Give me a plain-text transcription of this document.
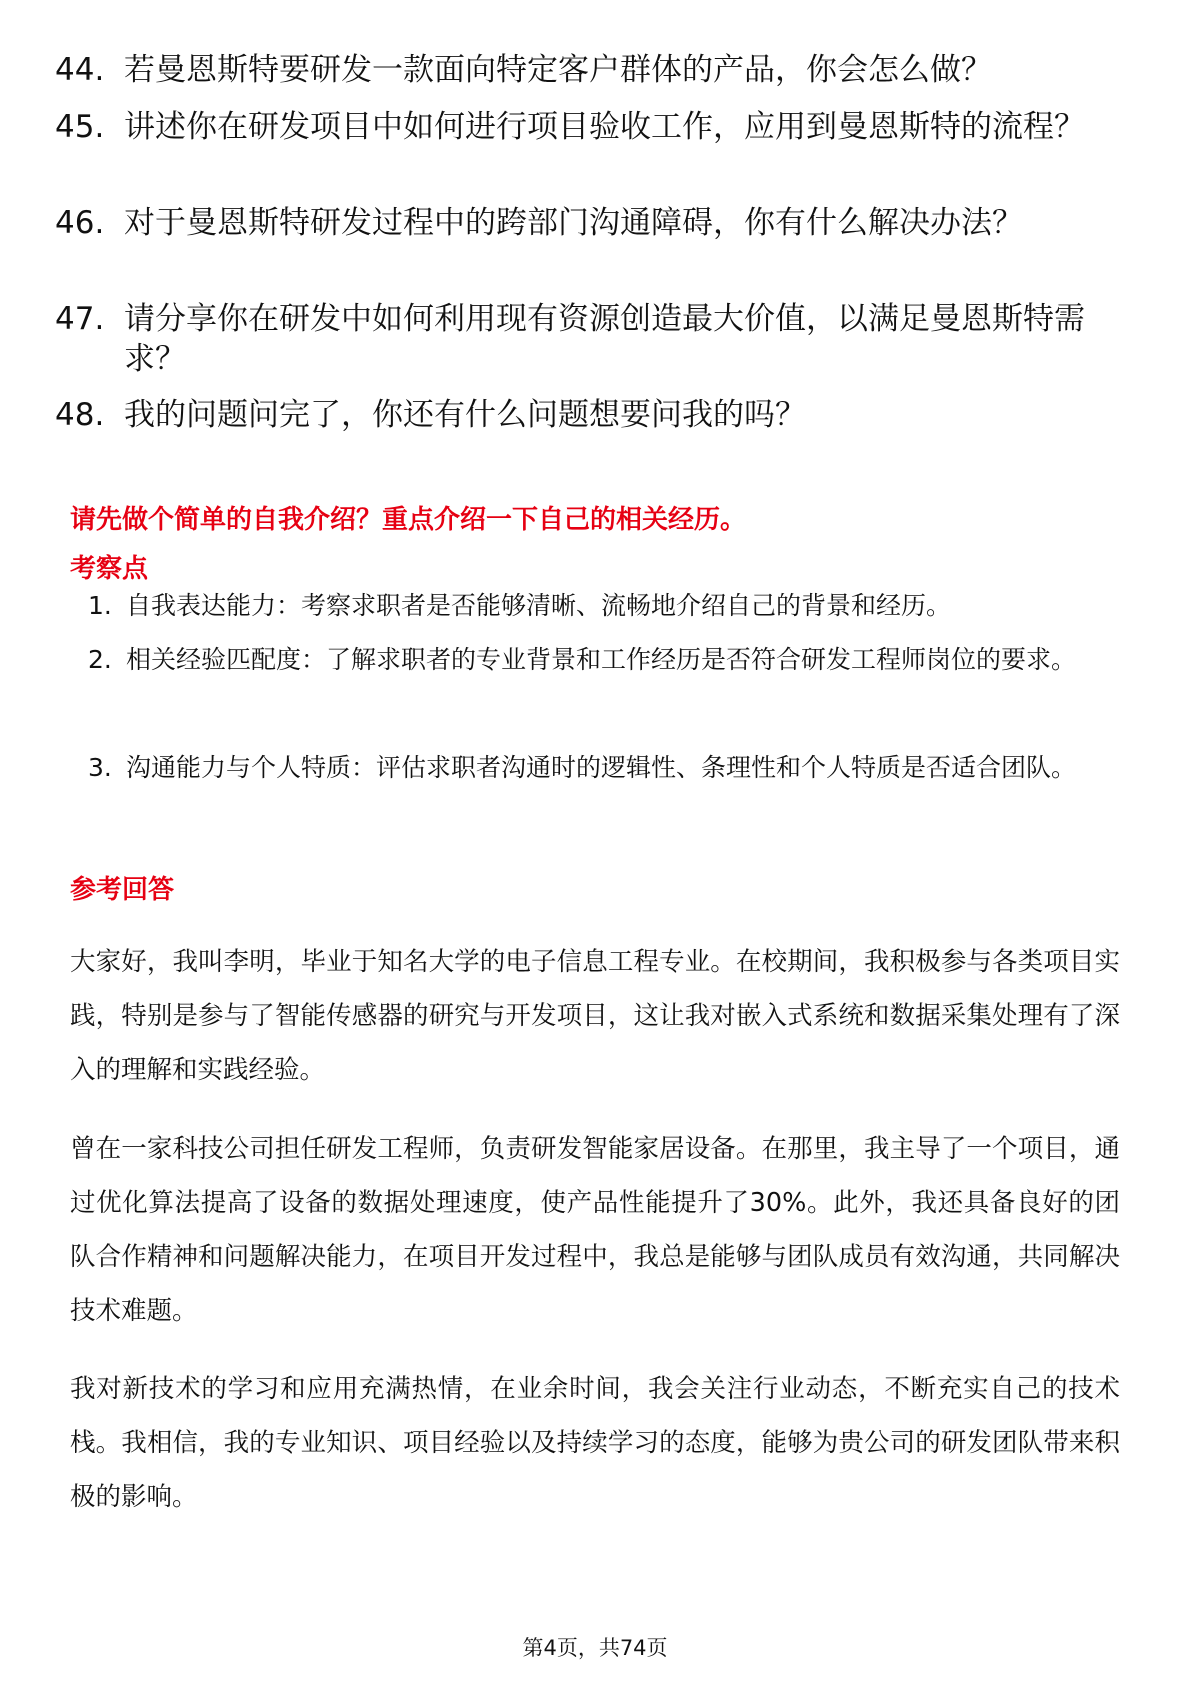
44. 若曼恩斯特要研发一款面向特定客户群体的产品，你会怎么做？
45. 讲述你在研发项目中如何进行项目验收工作，应用到曼恩斯特的流程？
46. 对于曼恩斯特研发过程中的跨部门沟通障碍，你有什么解决办法？
47. 请分享你在研发中如何利用现有资源创造最大价值，以满足曼恩斯特需求？
48. 我的问题问完了，你还有什么问题想要问我的吗？
请先做个简单的自我介绍？重点介绍一下自己的相关经历。
考察点
1. 自我表达能力：考察求职者是否能够清晰、流畅地介绍自己的背景和经历。
2. 相关经验匹配度：了解求职者的专业背景和工作经历是否符合研发工程师岗位的要求。
3. 沟通能力与个人特质：评估求职者沟通时的逻辑性、条理性和个人特质是否适合团队。
参考回答
大家好，我叫李明，毕业于知名大学的电子信息工程专业。在校期间，我积极参与各类项目实践，特别是参与了智能传感器的研究与开发项目，这让我对嵌入式系统和数据采集处理有了深入的理解和实践经验。
曾在一家科技公司担任研发工程师，负责研发智能家居设备。在那里，我主导了一个项目，通过优化算法提高了设备的数据处理速度，使产品性能提升了30%。此外，我还具备良好的团队合作精神和问题解决能力，在项目开发过程中，我总是能够与团队成员有效沟通，共同解决技术难题。
我对新技术的学习和应用充满热情，在业余时间，我会关注行业动态，不断充实自己的技术栈。我相信，我的专业知识、项目经验以及持续学习的态度，能够为贵公司的研发团队带来积极的影响。
第4页，共74页
